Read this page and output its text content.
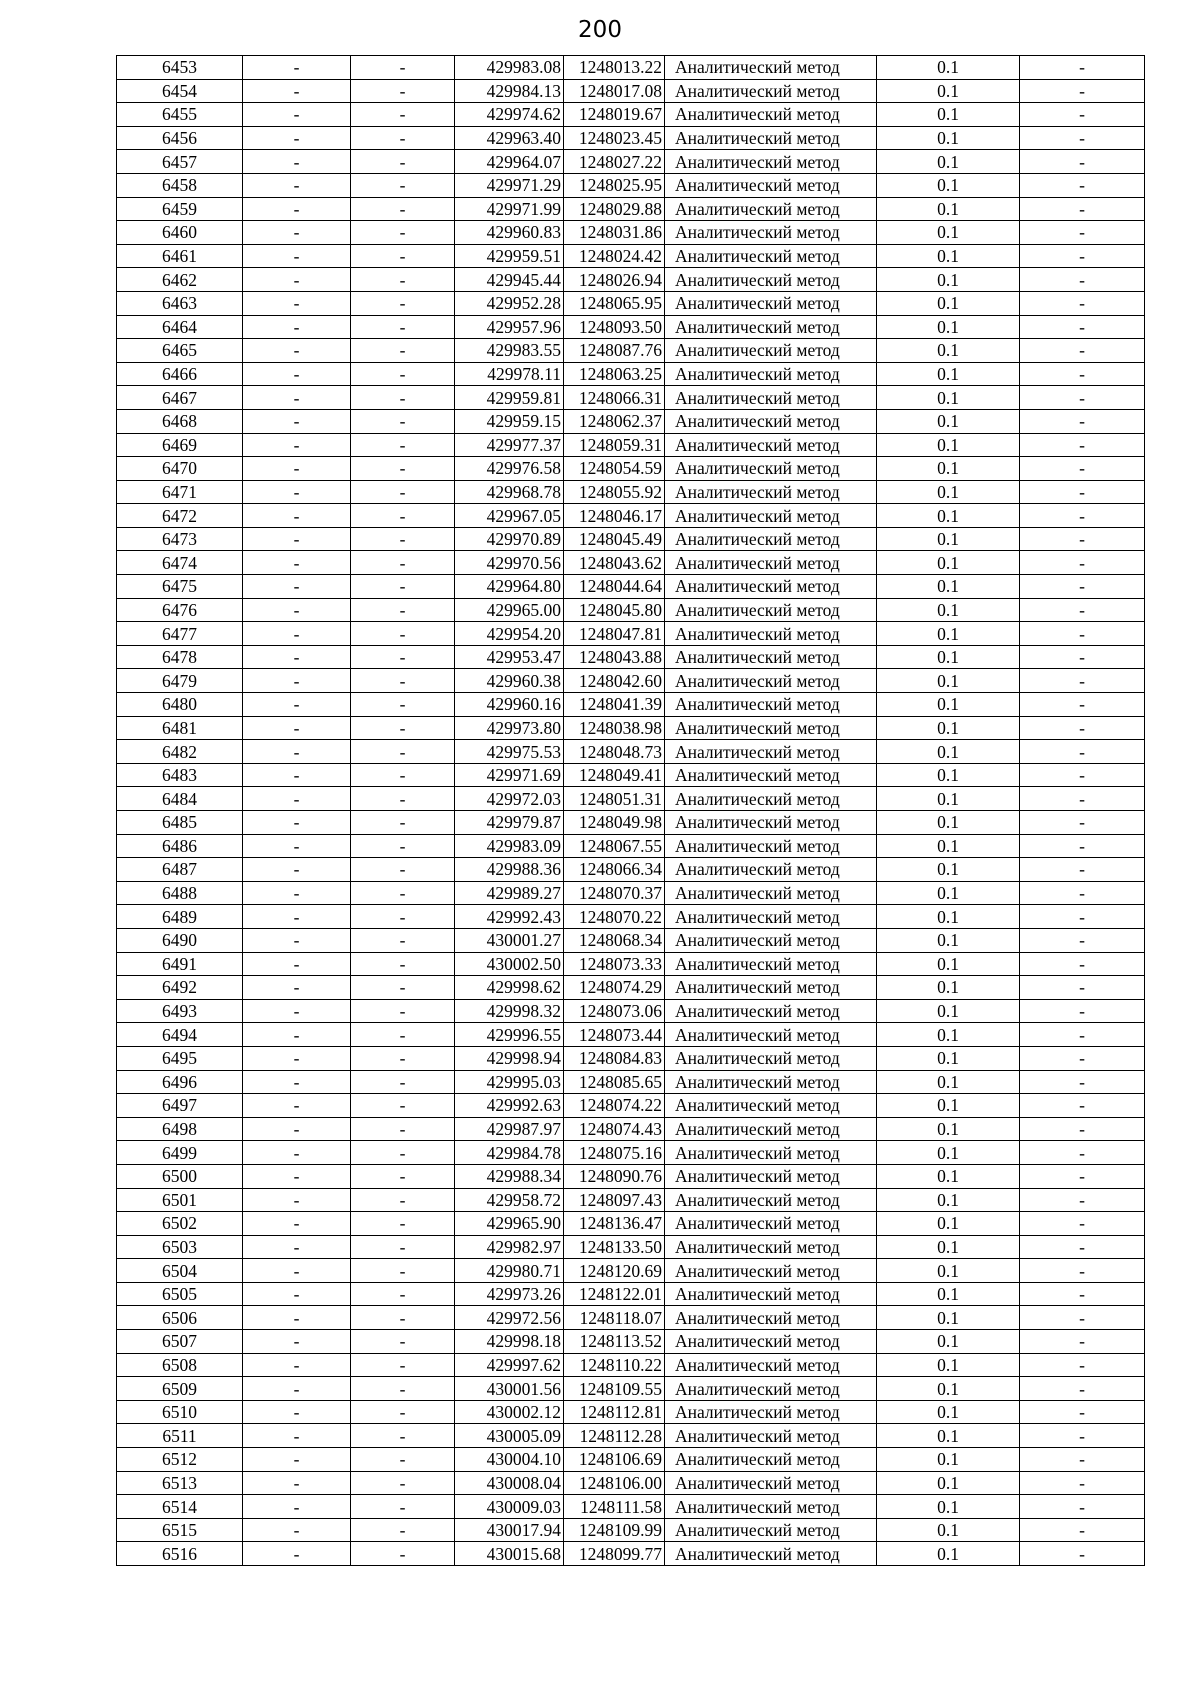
200
6453	-	-	429983.08	1248013.22	Аналитический метод	0.1	-
6454	-	-	429984.13	1248017.08	Аналитический метод	0.1	-
6455	-	-	429974.62	1248019.67	Аналитический метод	0.1	-
6456	-	-	429963.40	1248023.45	Аналитический метод	0.1	-
6457	-	-	429964.07	1248027.22	Аналитический метод	0.1	-
6458	-	-	429971.29	1248025.95	Аналитический метод	0.1	-
6459	-	-	429971.99	1248029.88	Аналитический метод	0.1	-
6460	-	-	429960.83	1248031.86	Аналитический метод	0.1	-
6461	-	-	429959.51	1248024.42	Аналитический метод	0.1	-
6462	-	-	429945.44	1248026.94	Аналитический метод	0.1	-
6463	-	-	429952.28	1248065.95	Аналитический метод	0.1	-
6464	-	-	429957.96	1248093.50	Аналитический метод	0.1	-
6465	-	-	429983.55	1248087.76	Аналитический метод	0.1	-
6466	-	-	429978.11	1248063.25	Аналитический метод	0.1	-
6467	-	-	429959.81	1248066.31	Аналитический метод	0.1	-
6468	-	-	429959.15	1248062.37	Аналитический метод	0.1	-
6469	-	-	429977.37	1248059.31	Аналитический метод	0.1	-
6470	-	-	429976.58	1248054.59	Аналитический метод	0.1	-
6471	-	-	429968.78	1248055.92	Аналитический метод	0.1	-
6472	-	-	429967.05	1248046.17	Аналитический метод	0.1	-
6473	-	-	429970.89	1248045.49	Аналитический метод	0.1	-
6474	-	-	429970.56	1248043.62	Аналитический метод	0.1	-
6475	-	-	429964.80	1248044.64	Аналитический метод	0.1	-
6476	-	-	429965.00	1248045.80	Аналитический метод	0.1	-
6477	-	-	429954.20	1248047.81	Аналитический метод	0.1	-
6478	-	-	429953.47	1248043.88	Аналитический метод	0.1	-
6479	-	-	429960.38	1248042.60	Аналитический метод	0.1	-
6480	-	-	429960.16	1248041.39	Аналитический метод	0.1	-
6481	-	-	429973.80	1248038.98	Аналитический метод	0.1	-
6482	-	-	429975.53	1248048.73	Аналитический метод	0.1	-
6483	-	-	429971.69	1248049.41	Аналитический метод	0.1	-
6484	-	-	429972.03	1248051.31	Аналитический метод	0.1	-
6485	-	-	429979.87	1248049.98	Аналитический метод	0.1	-
6486	-	-	429983.09	1248067.55	Аналитический метод	0.1	-
6487	-	-	429988.36	1248066.34	Аналитический метод	0.1	-
6488	-	-	429989.27	1248070.37	Аналитический метод	0.1	-
6489	-	-	429992.43	1248070.22	Аналитический метод	0.1	-
6490	-	-	430001.27	1248068.34	Аналитический метод	0.1	-
6491	-	-	430002.50	1248073.33	Аналитический метод	0.1	-
6492	-	-	429998.62	1248074.29	Аналитический метод	0.1	-
6493	-	-	429998.32	1248073.06	Аналитический метод	0.1	-
6494	-	-	429996.55	1248073.44	Аналитический метод	0.1	-
6495	-	-	429998.94	1248084.83	Аналитический метод	0.1	-
6496	-	-	429995.03	1248085.65	Аналитический метод	0.1	-
6497	-	-	429992.63	1248074.22	Аналитический метод	0.1	-
6498	-	-	429987.97	1248074.43	Аналитический метод	0.1	-
6499	-	-	429984.78	1248075.16	Аналитический метод	0.1	-
6500	-	-	429988.34	1248090.76	Аналитический метод	0.1	-
6501	-	-	429958.72	1248097.43	Аналитический метод	0.1	-
6502	-	-	429965.90	1248136.47	Аналитический метод	0.1	-
6503	-	-	429982.97	1248133.50	Аналитический метод	0.1	-
6504	-	-	429980.71	1248120.69	Аналитический метод	0.1	-
6505	-	-	429973.26	1248122.01	Аналитический метод	0.1	-
6506	-	-	429972.56	1248118.07	Аналитический метод	0.1	-
6507	-	-	429998.18	1248113.52	Аналитический метод	0.1	-
6508	-	-	429997.62	1248110.22	Аналитический метод	0.1	-
6509	-	-	430001.56	1248109.55	Аналитический метод	0.1	-
6510	-	-	430002.12	1248112.81	Аналитический метод	0.1	-
6511	-	-	430005.09	1248112.28	Аналитический метод	0.1	-
6512	-	-	430004.10	1248106.69	Аналитический метод	0.1	-
6513	-	-	430008.04	1248106.00	Аналитический метод	0.1	-
6514	-	-	430009.03	1248111.58	Аналитический метод	0.1	-
6515	-	-	430017.94	1248109.99	Аналитический метод	0.1	-
6516	-	-	430015.68	1248099.77	Аналитический метод	0.1	-
